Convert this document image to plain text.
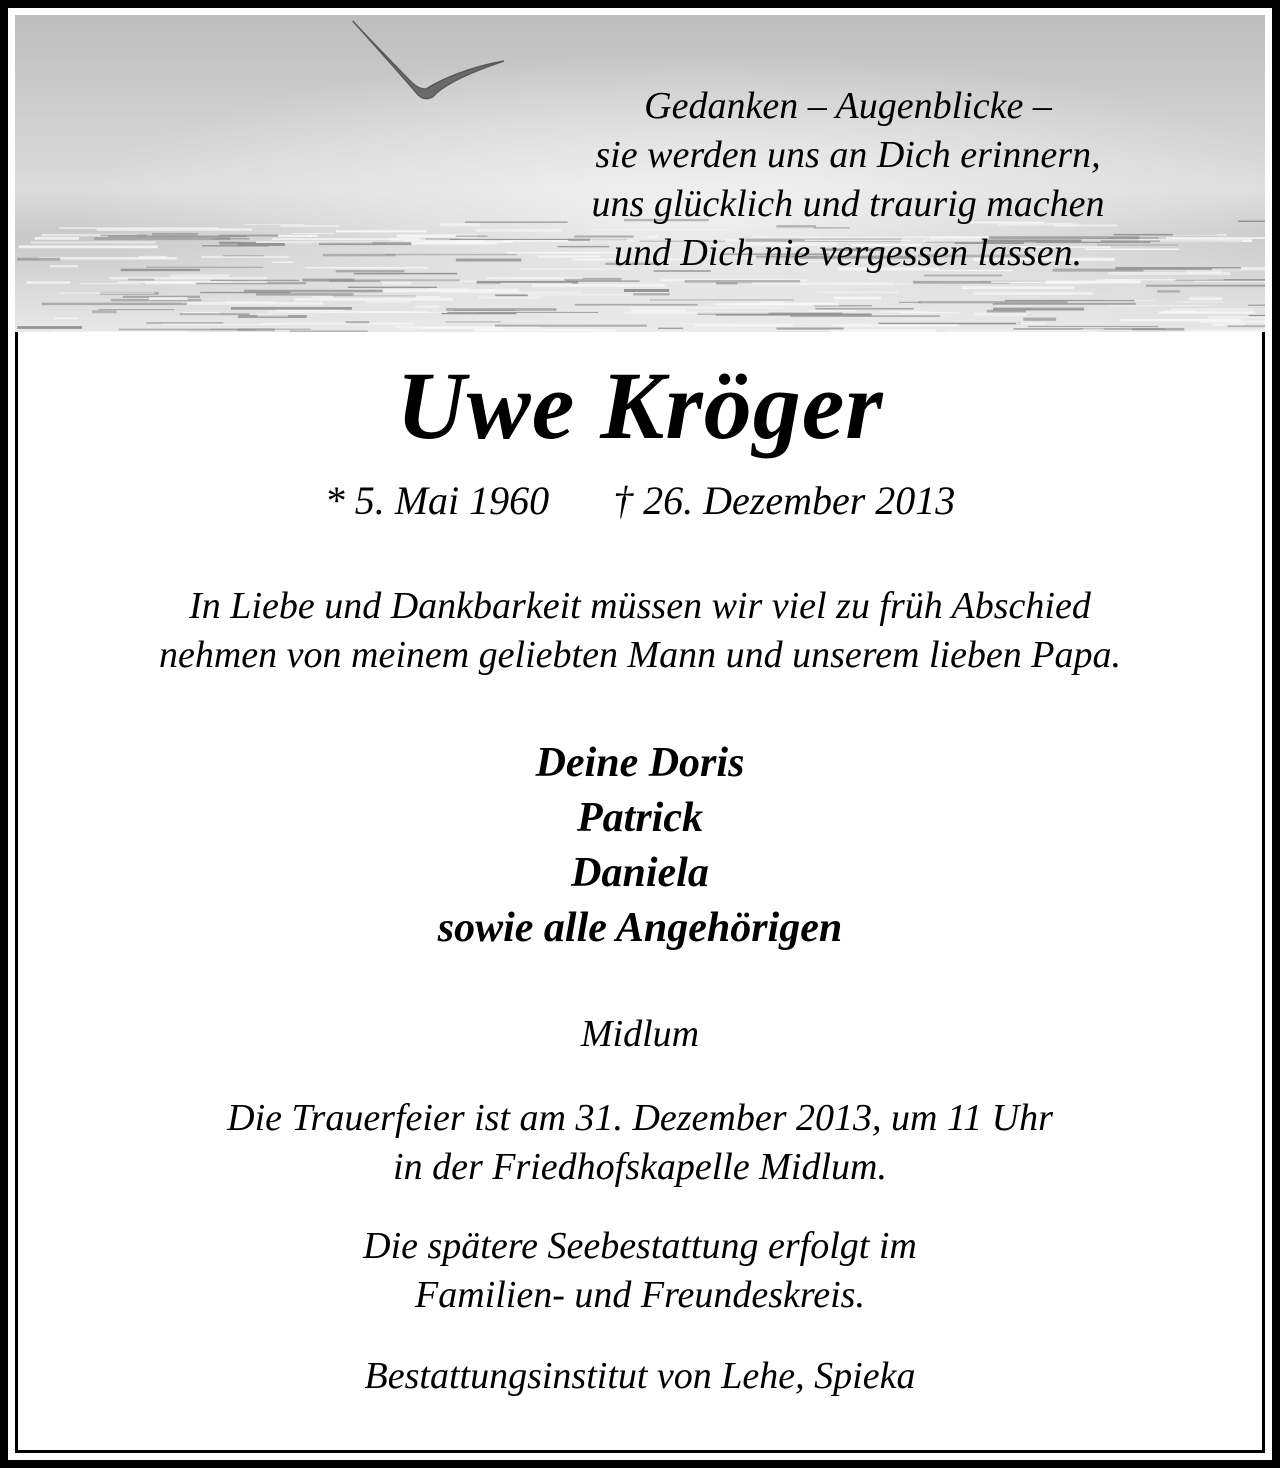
Gedanken – Augenblicke –
sie werden uns an Dich erinnern,
uns glücklich und traurig machen
und Dich nie vergessen lassen.
Uwe Kröger
* 5. Mai 1960 † 26. Dezember 2013
In Liebe und Dankbarkeit müssen wir viel zu früh Abschied
nehmen von meinem geliebten Mann und unserem lieben Papa.
Deine Doris
Patrick
Daniela
sowie alle Angehörigen
Midlum
Die Trauerfeier ist am 31. Dezember 2013, um 11 Uhr
in der Friedhofskapelle Midlum.
Die spätere Seebestattung erfolgt im
Familien- und Freundeskreis.
Bestattungsinstitut von Lehe, Spieka
